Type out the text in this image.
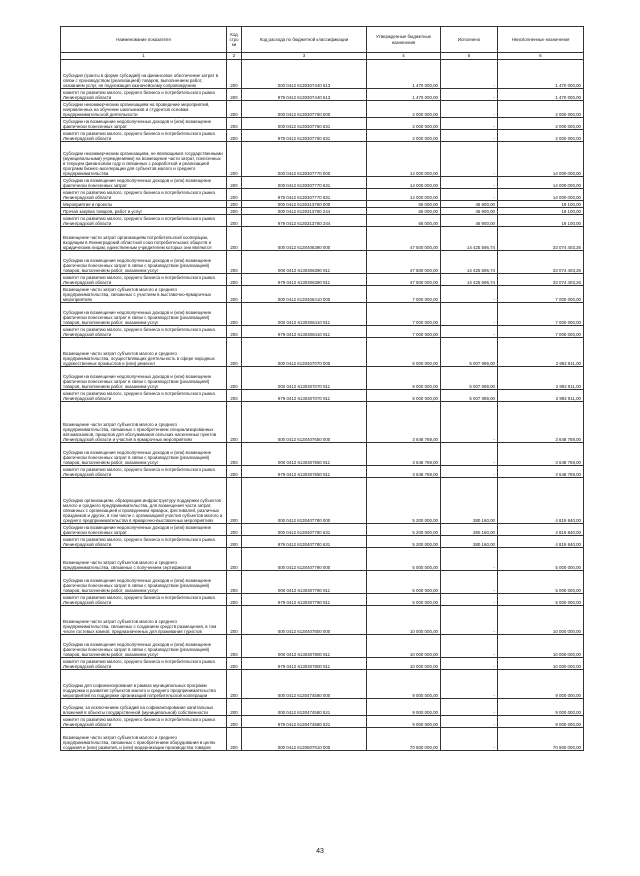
Наименование показателя	Код стро ки	Код расхода по бюджетной классификации	Утвержденные бюджетные назначения	Исполнено	Неисполненные назначения
1	2	3	4	5	6
Субсидия (гранты в форме субсидий) на финансовое обеспечение затрат в связи с производством (реализацией) товаров, выполнением работ, оказанием услуг, не подлежащая казначейскому сопровождению	200	000 0412 6130307440 613	1 470 000,00	-	1 470 000,00
комитет по развитию малого, среднего бизнеса и потребительского рынка Ленинградской области	200	979 0412 6130307440 613	1 470 000,00	-	1 470 000,00
Субсидии некоммерческим организациям на проведение мероприятий, направленных на обучение школьников и студентов основам предпринимательской деятельности	200	000 0412 6130307760 000	2 000 000,00	-	2 000 000,00
Субсидии на возмещение недополученных доходов и (или) возмещение фактически понесенных затрат	200	000 0412 6130307760 631	2 000 000,00	-	2 000 000,00
комитет по развитию малого, среднего бизнеса и потребительского рынка Ленинградской области	200	979 0412 6130307760 631	2 000 000,00	-	2 000 000,00
Субсидии некоммерческим организациям, не являющимся государственными (муниципальными) учреждениями) на возмещение части затрат, понесенных в текущем финансовом году и связанных с разработкой и реализацией программ бизнес-акселерации для субъектов малого и среднего предпринимательства	200	000 0412 6130307770 000	14 000 000,00	-	14 000 000,00
Субсидии на возмещение недополученных доходов и (или) возмещение фактически понесенных затрат	200	000 0412 6130307770 631	14 000 000,00	-	14 000 000,00
комитет по развитию малого, среднего бизнеса и потребительского рынка Ленинградской области	200	979 0412 6130307770 631	14 000 000,00	-	14 000 000,00
Мероприятия и проекты	200	000 0412 6130313760 000	65 000,00	45 900,00	19 100,00
Прочая закупка товаров, работ и услуг	200	000 0412 6130313760 244	65 000,00	45 900,00	19 100,00
комитет по развитию малого, среднего бизнеса и потребительского рынка Ленинградской области	200	979 0412 6130313760 244	65 000,00	45 900,00	19 100,00
Возмещение части затрат организациям потребительской кооперации, входящим в Ленинградский областной союз потребительских обществ и юридическим лицам, единственным учредителем которых они являются	200	000 0412 6130406390 000	47 500 000,00	14 425 596,74	33 074 403,26
Субсидии на возмещение недополученных доходов и (или) возмещение фактически понесенных затрат в связи с производством (реализацией) товаров, выполнением работ, оказанием услуг	200	000 0412 6130406390 811	47 500 000,00	14 425 596,74	33 074 403,26
комитет по развитию малого, среднего бизнеса и потребительского рынка Ленинградской области	200	979 0412 6130406390 811	47 500 000,00	14 425 596,74	33 074 403,26
Возмещение части затрат субъектов малого и среднего предпринимательства, связанных с участием в выставочно-ярмарочных мероприятиях	200	000 0412 6130406410 000	7 000 000,00	-	7 000 000,00
Субсидии на возмещение недополученных доходов и (или) возмещение фактически понесенных затрат в связи с производством (реализацией) товаров, выполнением работ, оказанием услуг	200	000 0412 6130406410 811	7 000 000,00	-	7 000 000,00
комитет по развитию малого, среднего бизнеса и потребительского рынка Ленинградской области	200	979 0412 6130406410 811	7 000 000,00	-	7 000 000,00
Возмещение части затрат субъектов малого и среднего предпринимательства, осуществляющих деятельность в сфере народных художественных промыслов и (или) ремесел	200	000 0412 6130407070 000	8 000 000,00	5 007 089,00	2 992 911,00
Субсидии на возмещение недополученных доходов и (или) возмещение фактически понесенных затрат в связи с производством (реализацией) товаров, выполнением работ, оказанием услуг	200	000 0412 6130407070 811	8 000 000,00	5 007 089,00	2 992 911,00
комитет по развитию малого, среднего бизнеса и потребительского рынка Ленинградской области	200	979 0412 6130407070 811	8 000 000,00	5 007 089,00	2 992 911,00
Возмещение части затрат субъектов малого и среднего предпринимательства, связанных с приобретением специализированных автомагазинов, прицепов для обслуживания сельских населенных пунктов Ленинградской области и участия в ярмарочных мероприятиях	200	000 0412 6130407650 000	3 648 769,00	-	3 648 769,00
Субсидии на возмещение недополученных доходов и (или) возмещение фактически понесенных затрат в связи с производством (реализацией) товаров, выполнением работ, оказанием услуг	200	000 0412 6130407650 811	3 648 769,00	-	3 648 769,00
комитет по развитию малого, среднего бизнеса и потребительского рынка Ленинградской области	200	979 0412 6130407650 811	3 648 769,00	-	3 648 769,00
Субсидии организациям, образующим инфраструктуру поддержки субъектов малого и среднего предпринимательства, для возмещения части затрат, связанных с организацией и проведением ярмарок, фестивалей, различных праздников и других, в том числе с организацией участия субъектов малого и среднего предпринимательства в ярмарочно-выставочных мероприятиях	200	000 0412 6130407780 000	5 200 000,00	380 160,00	4 819 840,00
Субсидии на возмещение недополученных доходов и (или) возмещение фактически понесенных затрат	200	000 0412 6130407780 631	5 200 000,00	380 160,00	4 819 840,00
комитет по развитию малого, среднего бизнеса и потребительского рынка Ленинградской области	200	979 0412 6130407780 631	5 200 000,00	380 160,00	4 819 840,00
Возмещение части затрат субъектов малого и среднего предпринимательства, связанных с получением сертификатов	200	000 0412 6130407790 000	5 000 000,00	-	5 000 000,00
Субсидии на возмещение недополученных доходов и (или) возмещение фактически понесенных затрат в связи с производством (реализацией) товаров, выполнением работ, оказанием услуг	200	000 0412 6130407790 811	5 000 000,00	-	5 000 000,00
комитет по развитию малого, среднего бизнеса и потребительского рынка Ленинградской области	200	979 0412 6130407790 811	5 000 000,00	-	5 000 000,00
Возмещение части затрат субъектов малого и среднего предпринимательства, связанных с созданием средств размещения, в том числе гостевых комнат, предназначенных для проживания туристов	200	000 0412 6130407800 000	10 000 000,00	-	10 000 000,00
Субсидии на возмещение недополученных доходов и (или) возмещение фактически понесенных затрат в связи с производством (реализацией) товаров, выполнением работ, оказанием услуг	200	000 0412 6130407800 811	10 000 000,00	-	10 000 000,00
комитет по развитию малого, среднего бизнеса и потребительского рынка Ленинградской области	200	979 0412 6130407800 811	10 000 000,00	-	10 000 000,00
Субсидии для софинансирования в рамках муниципальных программ поддержки и развития субъектов малого и среднего предпринимательства мероприятий по поддержке организаций потребительской кооперации	200	000 0412 6130474580 000	9 000 000,00	-	9 000 000,00
Субсидии, за исключением субсидий на софинансирование капитальных вложений в объекты государственной (муниципальной) собственности	200	000 0412 6130474580 521	9 000 000,00	-	9 000 000,00
комитет по развитию малого, среднего бизнеса и потребительского рынка Ленинградской области	200	979 0412 6130474580 521	9 000 000,00	-	9 000 000,00
Возмещение части затрат субъектов малого и среднего предпринимательства, связанных с приобретением оборудования в целях создания и (или) развития, и (или) модернизации производства товаров	200	000 0412 6130607810 000	70 500 000,00	-	70 500 000,00
43
